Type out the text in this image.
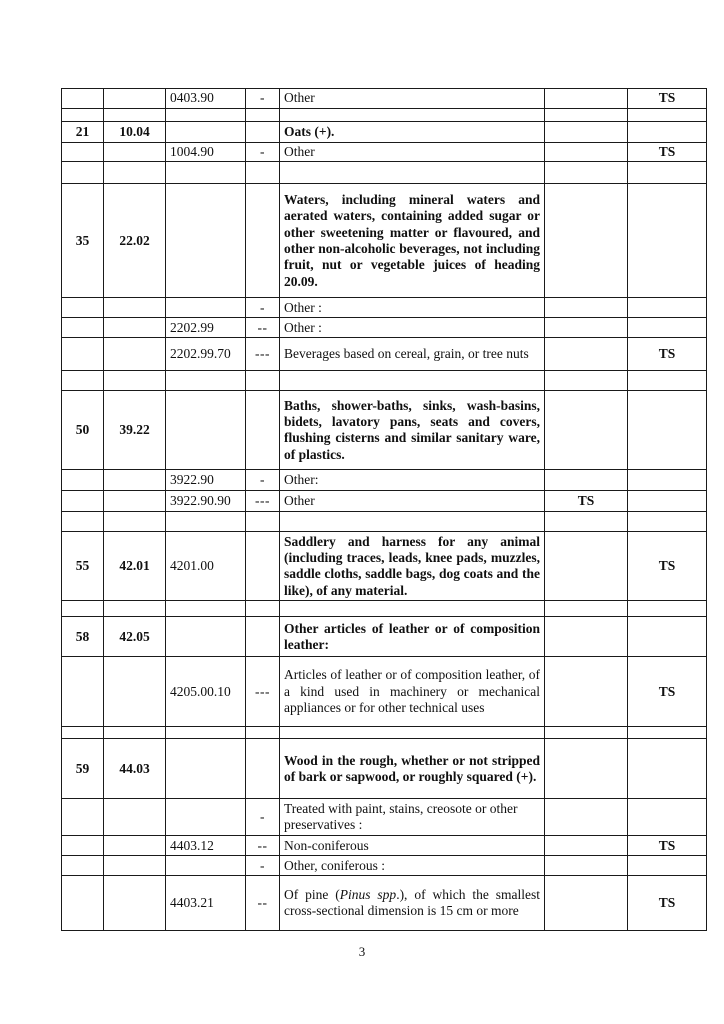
		0403.90	-	Other		TS

21	10.04			Oats (+).		
		1004.90	-	Other		TS

35	22.02			Waters, including mineral waters and aerated waters, containing added sugar or other sweetening matter or flavoured, and other non-alcoholic beverages, not including fruit, nut or vegetable juices of heading 20.09.		
			-	Other :		
		2202.99	--	Other :		
		2202.99.70	---	Beverages based on cereal, grain, or tree nuts		TS

50	39.22			Baths, shower-baths, sinks, wash-basins, bidets, lavatory pans, seats and covers, flushing cisterns and similar sanitary ware, of plastics.		
		3922.90	-	Other:		
		3922.90.90	---	Other	TS	

55	42.01	4201.00		Saddlery and harness for any animal (including traces, leads, knee pads, muzzles, saddle cloths, saddle bags, dog coats and the like), of any material.		TS

58	42.05			Other articles of leather or of composition leather:		
		4205.00.10	---	Articles of leather or of composition leather, of a kind used in machinery or mechanical appliances or for other technical uses		TS

59	44.03			Wood in the rough, whether or not stripped of bark or sapwood, or roughly squared (+).		
			-	Treated with paint, stains, creosote or other preservatives :		
		4403.12	--	Non-coniferous		TS
			-	Other, coniferous :		
		4403.21	--	Of pine (Pinus spp.), of which the smallest cross-sectional dimension is 15 cm or more		TS
3
